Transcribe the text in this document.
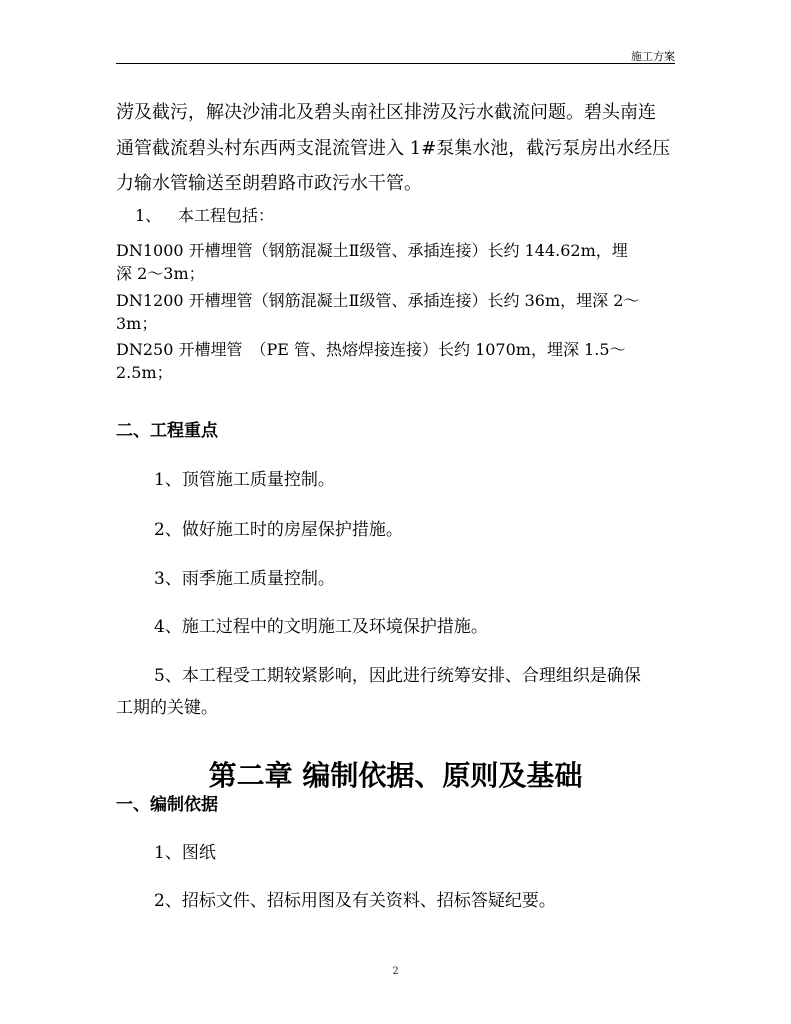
施工方案
涝及截污，解决沙浦北及碧头南社区排涝及污水截流问题。碧头南连
通管截流碧头村东西两支混流管进入 1#泵集水池，截污泵房出水经压
力输水管输送至朗碧路市政污水干管。
1、 本工程包括：
DN1000 开槽埋管（钢筋混凝土Ⅱ级管、承插连接）长约 144.62m，埋
深 2～3m；
DN1200 开槽埋管（钢筋混凝土Ⅱ级管、承插连接）长约 36m，埋深 2～
3m；
DN250 开槽埋管　（PE 管、热熔焊接连接）长约 1070m，埋深 1.5～
2.5m；
二、工程重点
1、顶管施工质量控制。
2、做好施工时的房屋保护措施。
3、雨季施工质量控制。
4、施工过程中的文明施工及环境保护措施。
5、本工程受工期较紧影响，因此进行统筹安排、合理组织是确保
工期的关键。
第二章 编制依据、原则及基础
一、编制依据
1、图纸
2、招标文件、招标用图及有关资料、招标答疑纪要。
2
